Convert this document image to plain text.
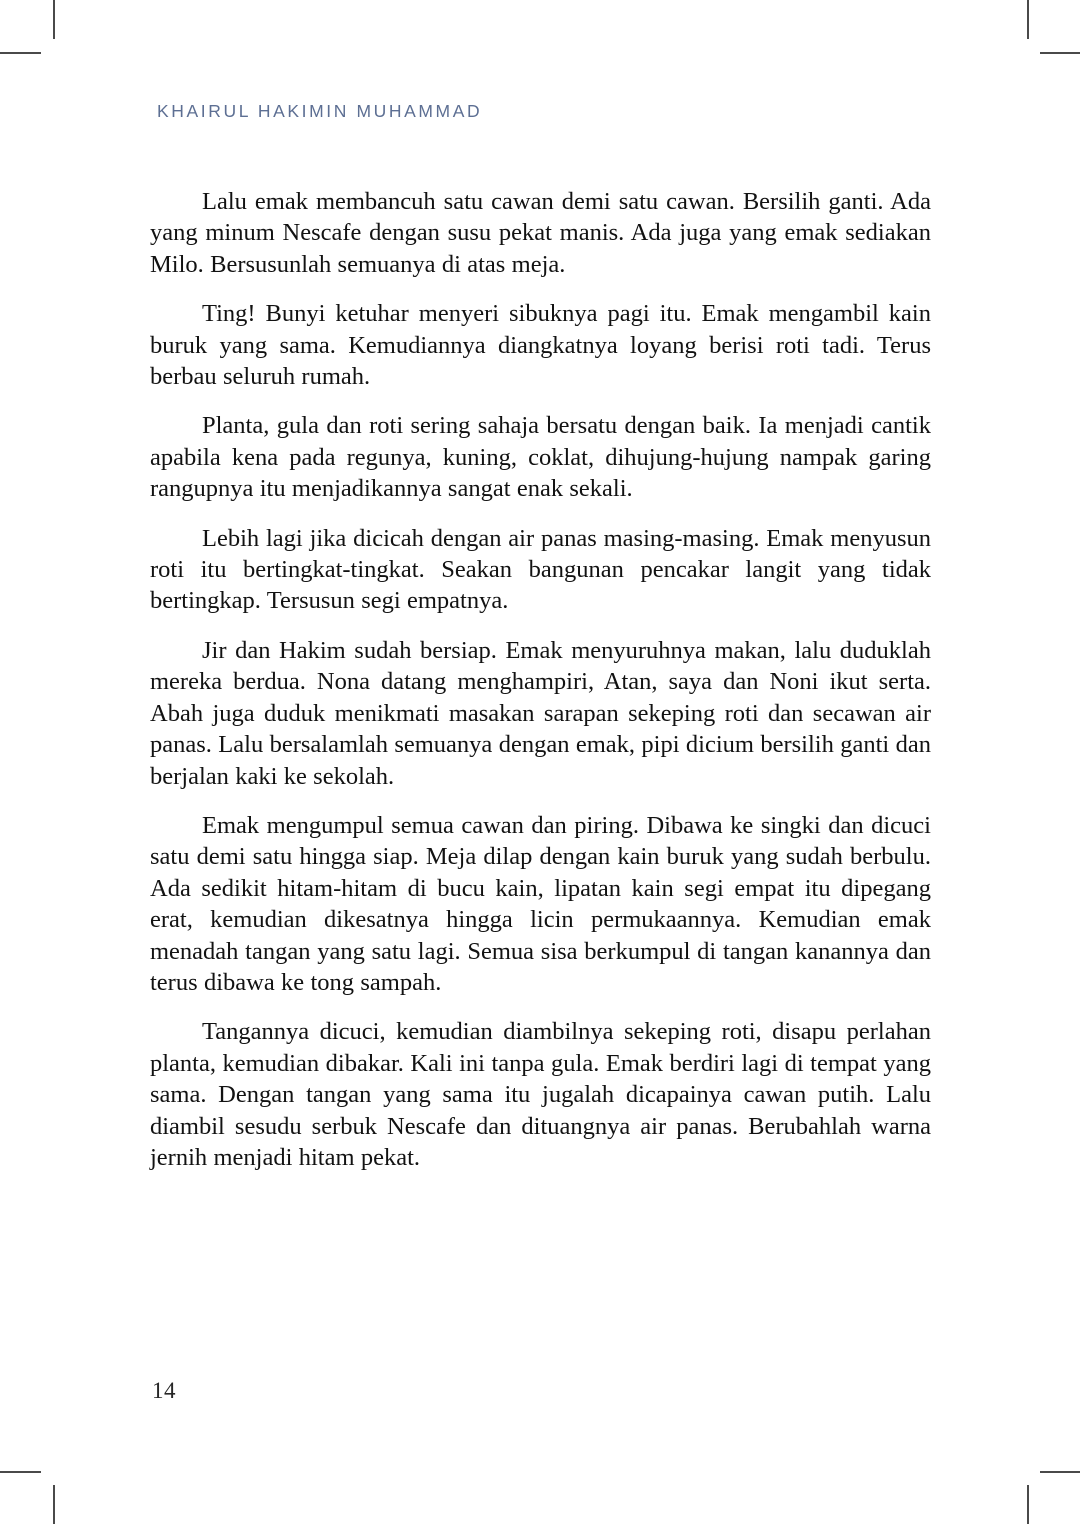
KHAIRUL HAKIMIN MUHAMMAD

Lalu emak membancuh satu cawan demi satu cawan. Bersilih ganti. Ada yang minum Nescafe dengan susu pekat manis. Ada juga yang emak sediakan Milo. Bersusunlah semuanya di atas meja.

Ting! Bunyi ketuhar menyeri sibuknya pagi itu. Emak mengambil kain buruk yang sama. Kemudiannya diangkatnya loyang berisi roti tadi. Terus berbau seluruh rumah.

Planta, gula dan roti sering sahaja bersatu dengan baik. Ia menjadi cantik apabila kena pada regunya, kuning, coklat, dihujung-hujung nampak garing rangupnya itu menjadikannya sangat enak sekali.

Lebih lagi jika dicicah dengan air panas masing-masing. Emak menyusun roti itu bertingkat-tingkat. Seakan bangunan pencakar langit yang tidak bertingkap. Tersusun segi empatnya.

Jir dan Hakim sudah bersiap. Emak menyuruhnya makan, lalu duduklah mereka berdua. Nona datang menghampiri, Atan, saya dan Noni ikut serta. Abah juga duduk menikmati masakan sarapan sekeping roti dan secawan air panas. Lalu bersalamlah semuanya dengan emak, pipi dicium bersilih ganti dan berjalan kaki ke sekolah.

Emak mengumpul semua cawan dan piring. Dibawa ke singki dan dicuci satu demi satu hingga siap. Meja dilap dengan kain buruk yang sudah berbulu. Ada sedikit hitam-hitam di bucu kain, lipatan kain segi empat itu dipegang erat, kemudian dikesatnya hingga licin permukaannya. Kemudian emak menadah tangan yang satu lagi. Semua sisa berkumpul di tangan kanannya dan terus dibawa ke tong sampah.

Tangannya dicuci, kemudian diambilnya sekeping roti, disapu perlahan planta, kemudian dibakar. Kali ini tanpa gula. Emak berdiri lagi di tempat yang sama. Dengan tangan yang sama itu jugalah dicapainya cawan putih. Lalu diambil sesudu serbuk Nescafe dan dituangnya air panas. Berubahlah warna jernih menjadi hitam pekat.

14
